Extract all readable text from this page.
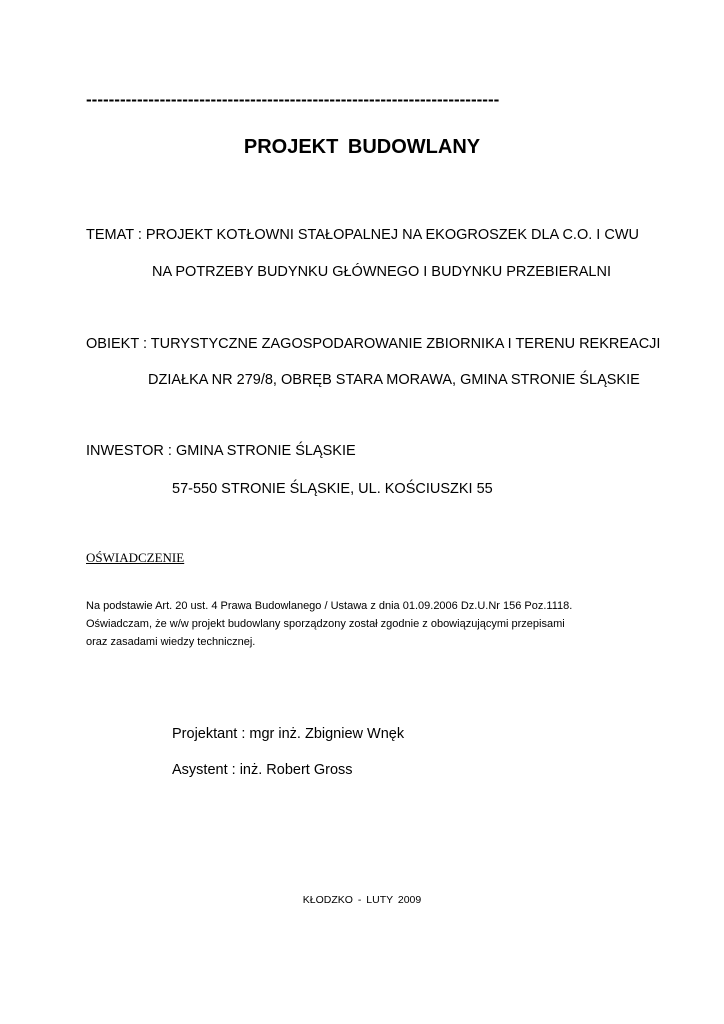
-------------------------------------------------------------------------
PROJEKT BUDOWLANY
TEMAT : PROJEKT KOTŁOWNI STAŁOPALNEJ NA EKOGROSZEK DLA C.O. I CWU
NA POTRZEBY BUDYNKU GŁÓWNEGO I BUDYNKU PRZEBIERALNI
OBIEKT : TURYSTYCZNE ZAGOSPODAROWANIE ZBIORNIKA I TERENU REKREACJI
DZIAŁKA NR 279/8, OBRĘB STARA MORAWA, GMINA STRONIE ŚLĄSKIE
INWESTOR : GMINA STRONIE ŚLĄSKIE
57-550 STRONIE ŚLĄSKIE, UL. KOŚCIUSZKI 55
OŚWIADCZENIE
Na podstawie Art. 20 ust. 4 Prawa Budowlanego / Ustawa z dnia 01.09.2006 Dz.U.Nr 156 Poz.1118.
Oświadczam, że w/w projekt budowlany sporządzony został zgodnie z obowiązującymi przepisami
oraz zasadami wiedzy technicznej.
Projektant : mgr inż. Zbigniew Wnęk
Asystent : inż. Robert Gross
KŁODZKO - LUTY 2009
